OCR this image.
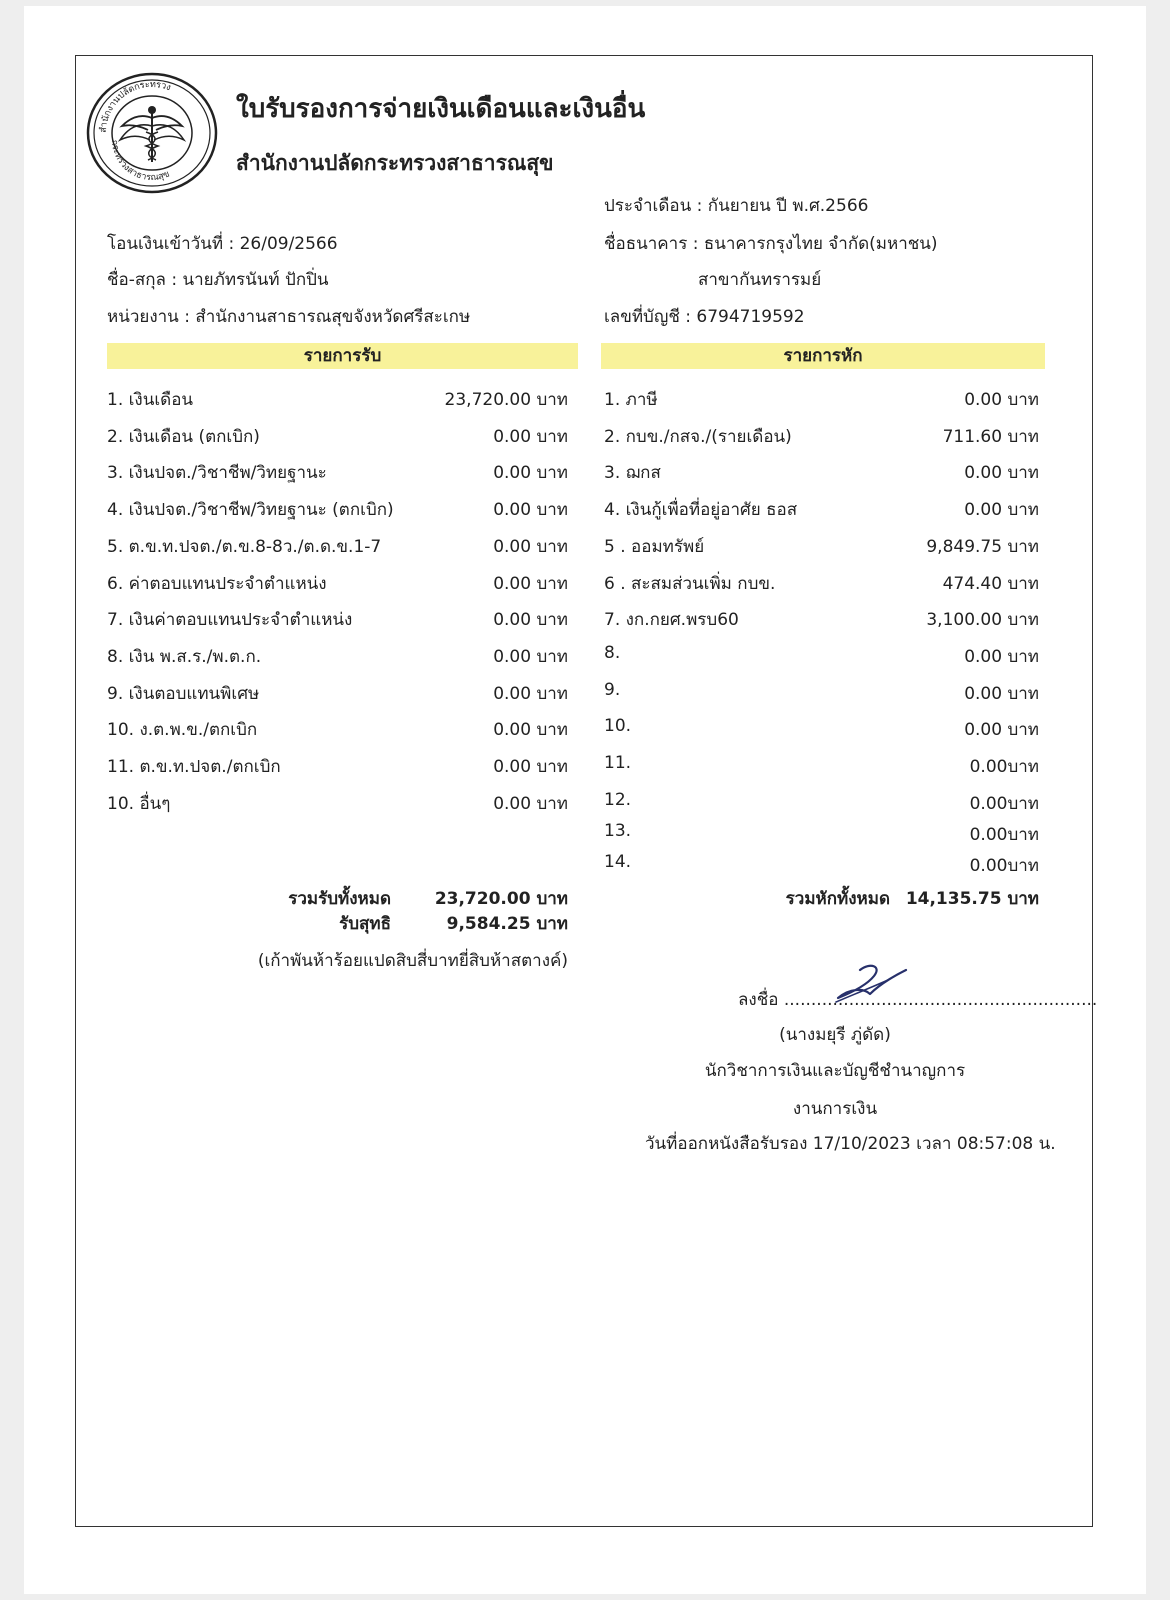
สำนักงานปลัดกระทรวง
กระทรวงสาธารณสุข
ใบรับรองการจ่ายเงินเดือนและเงินอื่น
สำนักงานปลัดกระทรวงสาธารณสุข
ประจำเดือน : กันยายน ปี พ.ศ.2566
โอนเงินเข้าวันที่ : 26/09/2566	ชื่อธนาคาร : ธนาคารกรุงไทย จำกัด(มหาชน)
ชื่อ-สกุล : นายภัทรนันท์ ปักปิ่น	สาขากันทรารมย์
หน่วยงาน : สำนักงานสาธารณสุขจังหวัดศรีสะเกษ	เลขที่บัญชี : 6794719592
รายการรับ	รายการหัก
1. เงินเดือน	23,720.00 บาท
2. เงินเดือน (ตกเบิก)	0.00 บาท
3. เงินปจต./วิชาชีพ/วิทยฐานะ	0.00 บาท
4. เงินปจต./วิชาชีพ/วิทยฐานะ (ตกเบิก)	0.00 บาท
5. ต.ข.ท.ปจต./ต.ข.8-8ว./ต.ด.ข.1-7	0.00 บาท
6. ค่าตอบแทนประจำตำแหน่ง	0.00 บาท
7. เงินค่าตอบแทนประจำตำแหน่ง	0.00 บาท
8. เงิน พ.ส.ร./พ.ต.ก.	0.00 บาท
9. เงินตอบแทนพิเศษ	0.00 บาท
10. ง.ต.พ.ข./ตกเบิก	0.00 บาท
11. ต.ข.ท.ปจต./ตกเบิก	0.00 บาท
10. อื่นๆ	0.00 บาท
1. ภาษี	0.00 บาท
2. กบข./กสจ./(รายเดือน)	711.60 บาท
3. ฌกส	0.00 บาท
4. เงินกู้เพื่อที่อยู่อาศัย ธอส	0.00 บาท
5 . ออมทรัพย์	9,849.75 บาท
6 . สะสมส่วนเพิ่ม กบข.	474.40 บาท
7. งก.กยศ.พรบ60	3,100.00 บาท
8.	0.00 บาท
9.	0.00 บาท
10.	0.00 บาท
11.	0.00บาท
12.	0.00บาท
13.	0.00บาท
14.	0.00บาท
รวมรับทั้งหมด	23,720.00 บาท
รับสุทธิ	9,584.25 บาท
(เก้าพันห้าร้อยแปดสิบสี่บาทยี่สิบห้าสตางค์)
รวมหักทั้งหมด 14,135.75 บาท
ลงชื่อ ..........................................................
(นางมยุรี ภู่ดัด)
นักวิชาการเงินและบัญชีชำนาญการ
งานการเงิน
วันที่ออกหนังสือรับรอง 17/10/2023 เวลา 08:57:08 น.
